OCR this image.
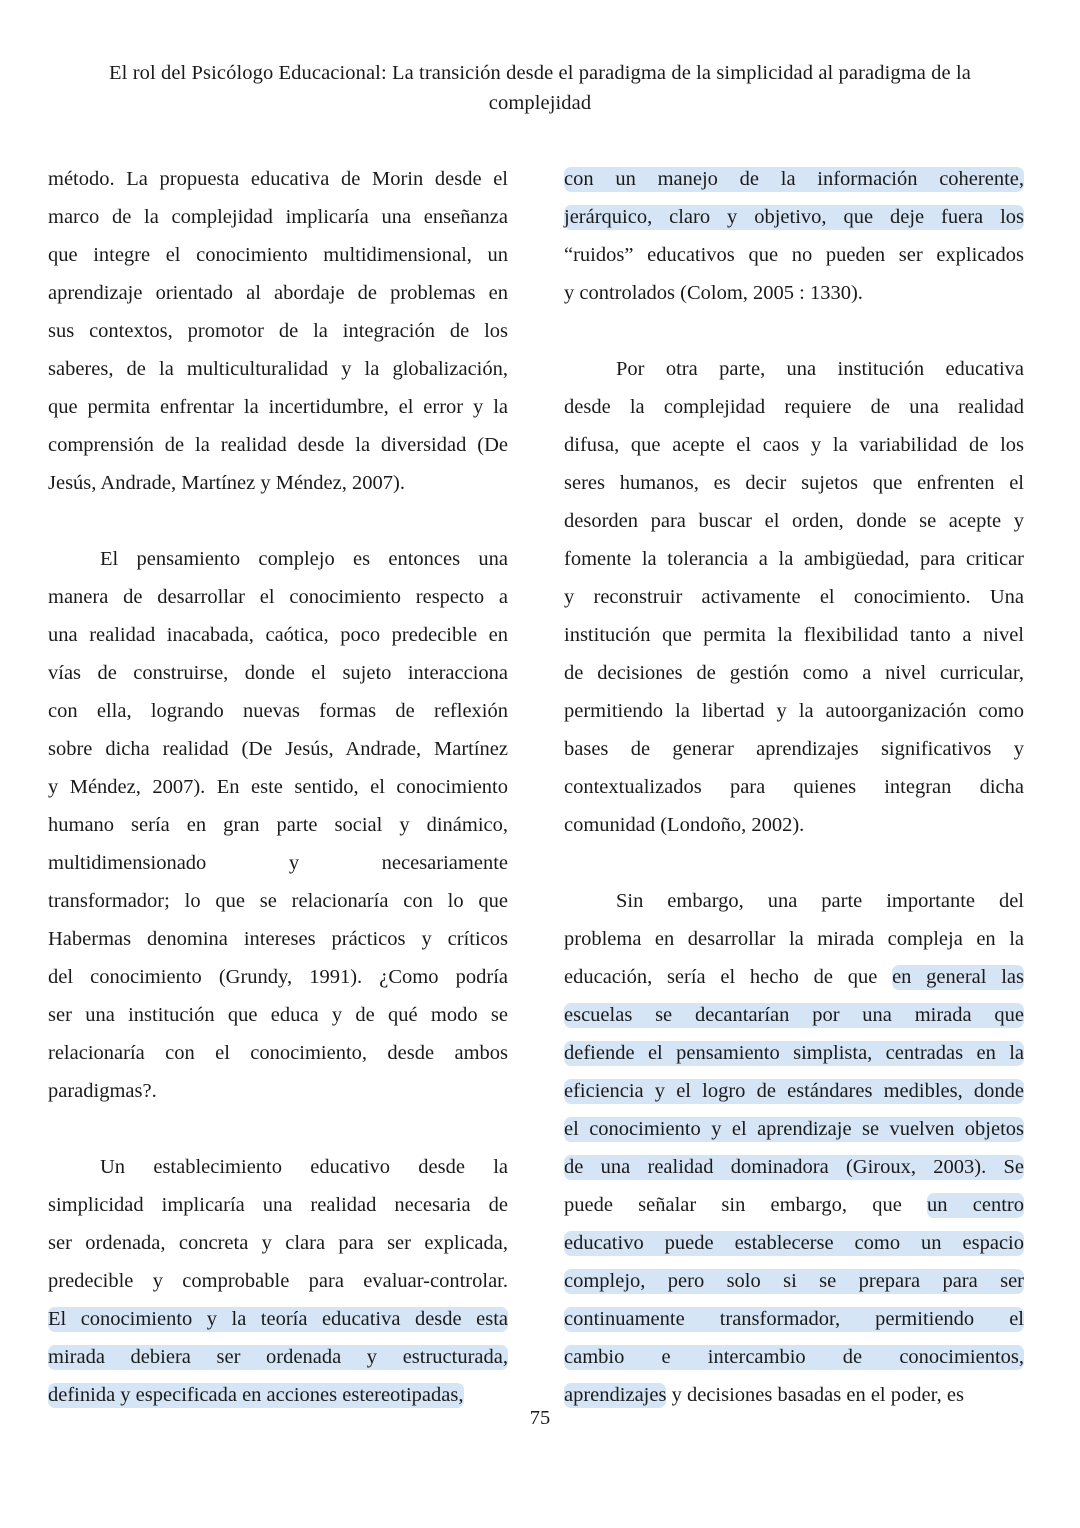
El rol del Psicólogo Educacional: La transición desde el paradigma de la simplicidad al paradigma de la complejidad

método. La propuesta educativa de Morin desde el
marco de la complejidad implicaría una enseñanza
que integre el conocimiento multidimensional, un
aprendizaje orientado al abordaje de problemas en
sus contextos, promotor de la integración de los
saberes, de la multiculturalidad y la globalización,
que permita enfrentar la incertidumbre, el error y la
comprensión de la realidad desde la diversidad (De
Jesús, Andrade, Martínez y Méndez, 2007).

El pensamiento complejo es entonces una
manera de desarrollar el conocimiento respecto a
una realidad inacabada, caótica, poco predecible en
vías de construirse, donde el sujeto interacciona
con ella, logrando nuevas formas de reflexión
sobre dicha realidad (De Jesús, Andrade, Martínez
y Méndez, 2007). En este sentido, el conocimiento
humano sería en gran parte social y dinámico,
multidimensionado y necesariamente
transformador; lo que se relacionaría con lo que
Habermas denomina intereses prácticos y críticos
del conocimiento (Grundy, 1991). ¿Como podría
ser una institución que educa y de qué modo se
relacionaría con el conocimiento, desde ambos
paradigmas?.

Un establecimiento educativo desde la
simplicidad implicaría una realidad necesaria de
ser ordenada, concreta y clara para ser explicada,
predecible y comprobable para evaluar-controlar.
El conocimiento y la teoría educativa desde esta
mirada debiera ser ordenada y estructurada,
definida y especificada en acciones estereotipadas,

con un manejo de la información coherente,
jerárquico, claro y objetivo, que deje fuera los
“ruidos” educativos que no pueden ser explicados
y controlados (Colom, 2005 : 1330).

Por otra parte, una institución educativa
desde la complejidad requiere de una realidad
difusa, que acepte el caos y la variabilidad de los
seres humanos, es decir sujetos que enfrenten el
desorden para buscar el orden, donde se acepte y
fomente la tolerancia a la ambigüedad, para criticar
y reconstruir activamente el conocimiento. Una
institución que permita la flexibilidad tanto a nivel
de decisiones de gestión como a nivel curricular,
permitiendo la libertad y la autoorganización como
bases de generar aprendizajes significativos y
contextualizados para quienes integran dicha
comunidad (Londoño, 2002).

Sin embargo, una parte importante del
problema en desarrollar la mirada compleja en la
educación, sería el hecho de que en general las
escuelas se decantarían por una mirada que
defiende el pensamiento simplista, centradas en la
eficiencia y el logro de estándares medibles, donde
el conocimiento y el aprendizaje se vuelven objetos
de una realidad dominadora (Giroux, 2003). Se
puede señalar sin embargo, que un centro
educativo puede establecerse como un espacio
complejo, pero solo si se prepara para ser
continuamente transformador, permitiendo el
cambio e intercambio de conocimientos,
aprendizajes y decisiones basadas en el poder, es

75
